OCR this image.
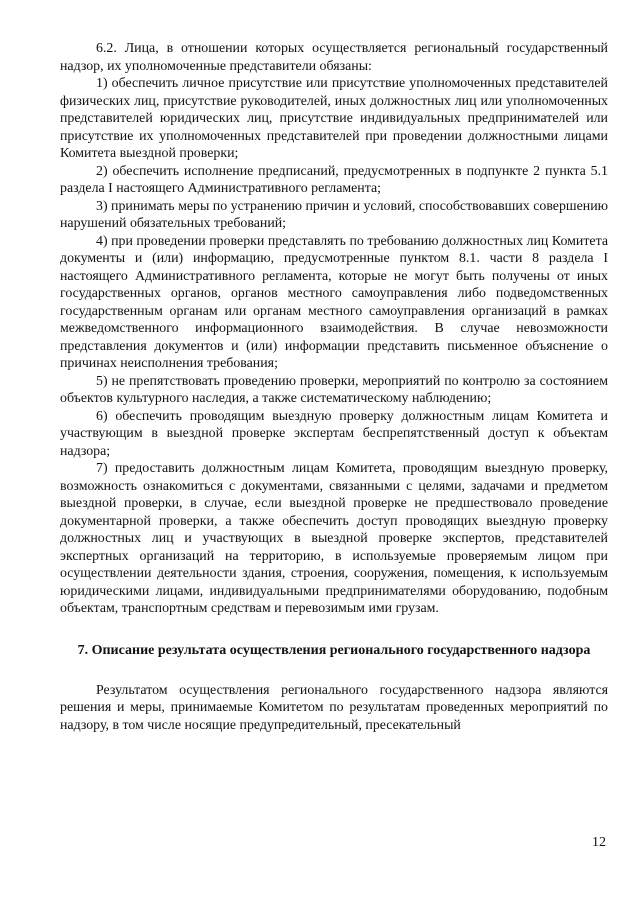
6.2. Лица, в отношении которых осуществляется региональный государственный надзор, их уполномоченные представители обязаны:

1) обеспечить личное присутствие или присутствие уполномоченных представителей физических лиц, присутствие руководителей, иных должностных лиц или уполномоченных представителей юридических лиц, присутствие индивидуальных предпринимателей или присутствие их уполномоченных представителей при проведении должностными лицами Комитета выездной проверки;

2) обеспечить исполнение предписаний, предусмотренных в подпункте 2 пункта 5.1 раздела I настоящего Административного регламента;

3) принимать меры по устранению причин и условий, способствовавших совершению нарушений обязательных требований;

4) при проведении проверки представлять по требованию должностных лиц Комитета документы и (или) информацию, предусмотренные пунктом 8.1. части 8 раздела I настоящего Административного регламента, которые не могут быть получены от иных государственных органов, органов местного самоуправления либо подведомственных государственным органам или органам местного самоуправления организаций в рамках межведомственного информационного взаимодействия. В случае невозможности представления документов и (или) информации представить письменное объяснение о причинах неисполнения требования;

5) не препятствовать проведению проверки, мероприятий по контролю за состоянием объектов культурного наследия, а также систематическому наблюдению;

6) обеспечить проводящим выездную проверку должностным лицам Комитета и участвующим в выездной проверке экспертам беспрепятственный доступ к объектам надзора;

7) предоставить должностным лицам Комитета, проводящим выездную проверку, возможность ознакомиться с документами, связанными с целями, задачами и предметом выездной проверки, в случае, если выездной проверке не предшествовало проведение документарной проверки, а также обеспечить доступ проводящих выездную проверку должностных лиц и участвующих в выездной проверке экспертов, представителей экспертных организаций на территорию, в используемые проверяемым лицом при осуществлении деятельности здания, строения, сооружения, помещения, к используемым юридическими лицами, индивидуальными предпринимателями оборудованию, подобным объектам, транспортным средствам и перевозимым ими грузам.

7. Описание результата осуществления регионального государственного надзора

Результатом осуществления регионального государственного надзора являются решения и меры, принимаемые Комитетом по результатам проведенных мероприятий по надзору, в том числе носящие предупредительный, пресекательный

12
